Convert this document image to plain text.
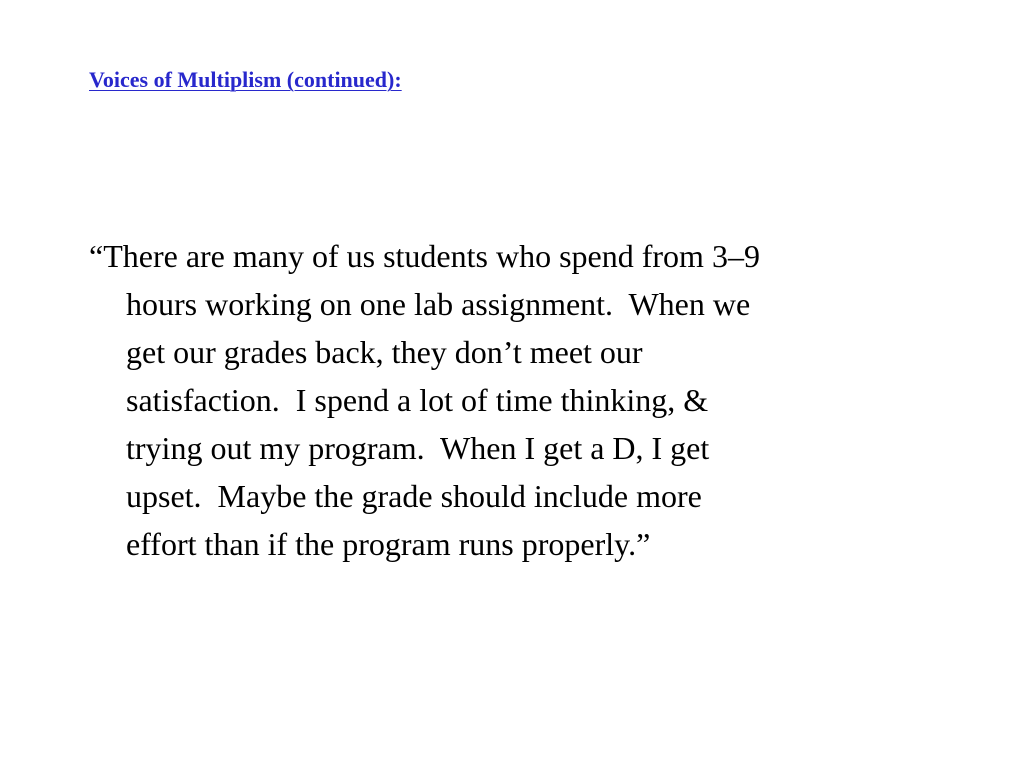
Voices of Multiplism (continued):

“There are many of us students who spend from 3–9
hours working on one lab assignment.  When we
get our grades back, they don’t meet our
satisfaction.  I spend a lot of time thinking, &
trying out my program.  When I get a D, I get
upset.  Maybe the grade should include more
effort than if the program runs properly.”
